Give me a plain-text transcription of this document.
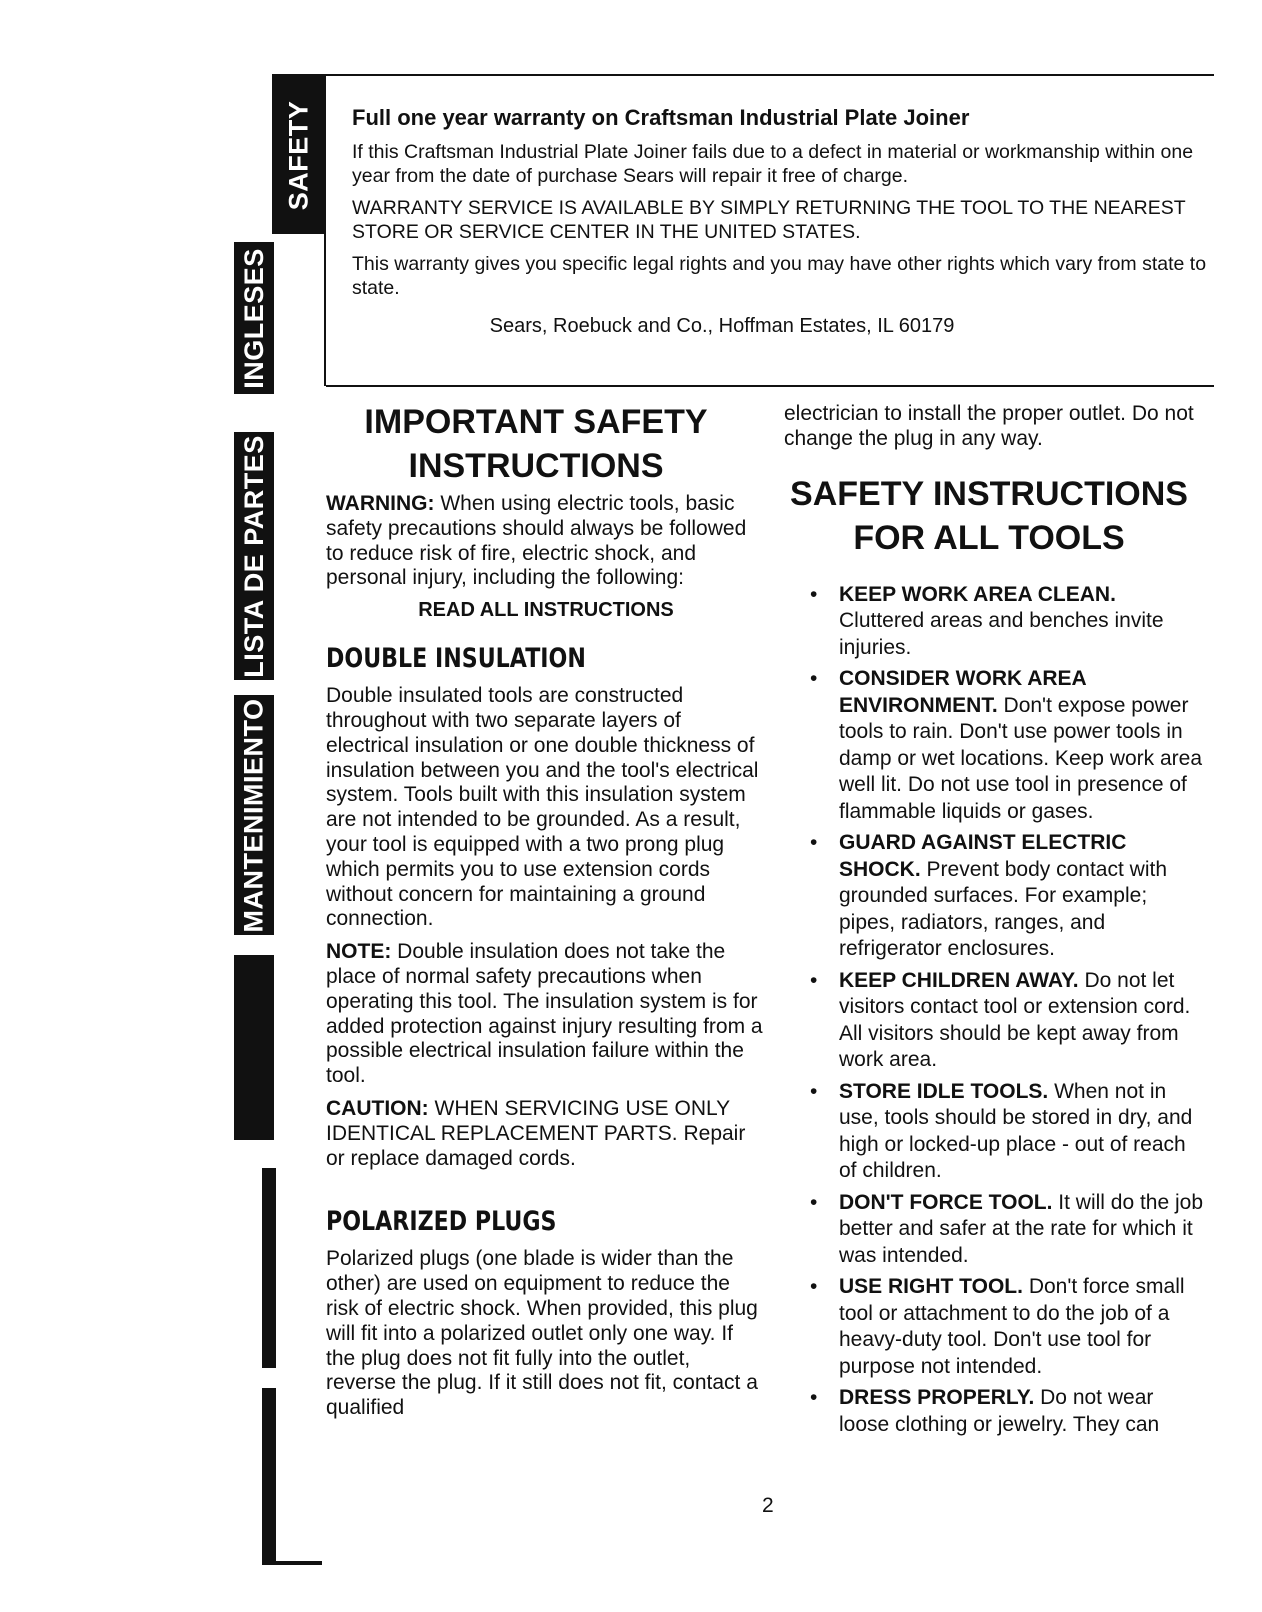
SAFETY
INGLESES
LISTA DE PARTES
MANTENIMIENTO
OPERACION
Full one year warranty on Craftsman Industrial Plate Joiner

If this Craftsman Industrial Plate Joiner fails due to a defect in material or workmanship within one year from the date of purchase Sears will repair it free of charge.

WARRANTY SERVICE IS AVAILABLE BY SIMPLY RETURNING THE TOOL TO THE NEAREST STORE OR SERVICE CENTER IN THE UNITED STATES.

This warranty gives you specific legal rights and you may have other rights which vary from state to state.

Sears, Roebuck and Co., Hoffman Estates, IL 60179

IMPORTANT SAFETY
INSTRUCTIONS

WARNING: When using electric tools, basic safety precautions should always be followed to reduce risk of fire, electric shock, and personal injury, including the following:

READ ALL INSTRUCTIONS
DOUBLE INSULATION

Double insulated tools are constructed throughout with two separate layers of electrical insulation or one double thickness of insulation between you and the tool's electrical system. Tools built with this insulation system are not intended to be grounded. As a result, your tool is equipped with a two prong plug which permits you to use extension cords without concern for maintaining a ground connection.

NOTE: Double insulation does not take the place of normal safety precautions when operating this tool. The insulation system is for added protection against injury resulting from a possible electrical insulation failure within the tool.

CAUTION: WHEN SERVICING USE ONLY IDENTICAL REPLACEMENT PARTS. Repair or replace damaged cords.

POLARIZED PLUGS

Polarized plugs (one blade is wider than the other) are used on equipment to reduce the risk of electric shock. When provided, this plug will fit into a polarized outlet only one way. If the plug does not fit fully into the outlet, reverse the plug. If it still does not fit, contact a qualified

electrician to install the proper outlet. Do not change the plug in any way.

SAFETY INSTRUCTIONS
FOR ALL TOOLS
• KEEP WORK AREA CLEAN. Cluttered areas and benches invite injuries.
• CONSIDER WORK AREA ENVIRONMENT. Don't expose power tools to rain. Don't use power tools in damp or wet locations. Keep work area well lit. Do not use tool in presence of flammable liquids or gases.
• GUARD AGAINST ELECTRIC SHOCK. Prevent body contact with grounded surfaces. For example; pipes, radiators, ranges, and refrigerator enclosures.
• KEEP CHILDREN AWAY. Do not let visitors contact tool or extension cord. All visitors should be kept away from work area.
• STORE IDLE TOOLS. When not in use, tools should be stored in dry, and high or locked-up place - out of reach of children.
• DON'T FORCE TOOL. It will do the job better and safer at the rate for which it was intended.
• USE RIGHT TOOL. Don't force small tool or attachment to do the job of a heavy-duty tool. Don't use tool for purpose not intended.
• DRESS PROPERLY. Do not wear loose clothing or jewelry. They can
2
